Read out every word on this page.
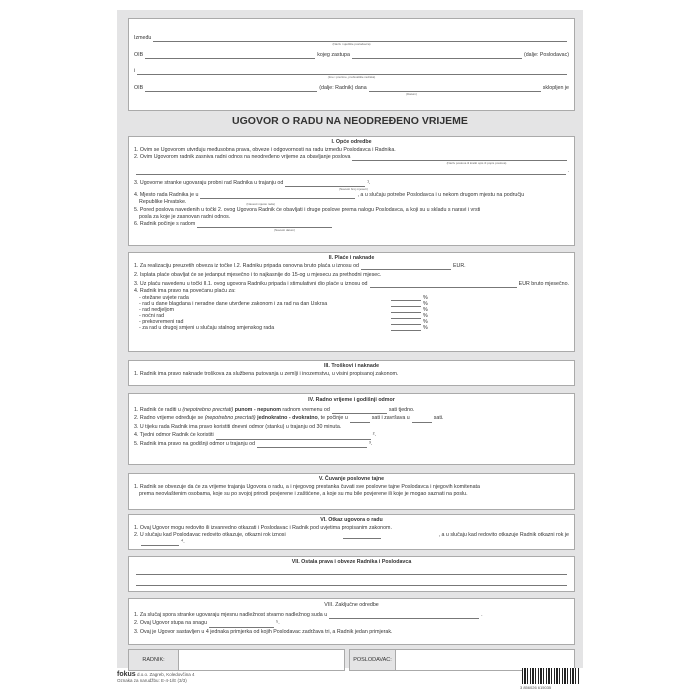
Između
(Naziv i sjedište poslodavca)
OIB	kojeg zastupa	(dalje: Poslodavac)
i
(Ime i prezime, prebivalište radnika)
OIB	(dalje: Radnik) dana	sklopljen je
(Datum)
UGOVOR O RADU NA NEODREĐENO VRIJEME
I. Opće odredbe
1. Ovim se Ugovorom utvrđuju međusobna prava, obveze i odgovornosti na radu između Poslodavca i Radnika.
2. Ovim Ugovorom radnik zasniva radni odnos na neodređeno vrijeme za obavljanje poslova
(Naziv poslova ili kratki opis ili popis poslova)
.
3. Ugovorne stranke ugovaraju probni rad Radnika u trajanju od	¹.
(Navesti broj mjeseci)
4. Mjesto rada Radnika je u	, a u slučaju potrebe Poslodavca i u nekom drugom mjestu na području
Republike Hrvatske.	(Navesti mjesto rada)
5. Pored poslova navedenih u točki 2. ovog Ugovora Radnik će obavljati i druge poslove prema nalogu Poslodavca, a koji su u skladu s naravi i vrsti
posla za koje je zasnovan radni odnos.
6. Radnik počinje s radom
(Navesti datum)
II. Plaće i naknade
1. Za realizaciju preuzetih obveza iz točke I.2. Radniku pripada osnovna bruto plaća u iznosu od	EUR.
2. Isplata plaće obavljat će se jedanput mjesečno i to najkasnije do 15-og u mjesecu za prethodni mjesec.
3. Uz plaću navedenu u točki II.1. ovog ugovora Radniku pripada i stimulativni dio plaće u iznosu od	EUR bruto mjesečno.
4. Radnik ima pravo na povećanu plaću za:
- otežane uvjete rada	%
- rad u dane blagdana i neradne dane utvrđene zakonom i za rad na dan Uskrsa	%
- rad nedjeljom	%
- noćni rad	%
- prekovremeni rad	%
- za rad u drugoj smjeni u slučaju stalnog smjenskog rada	%
III. Troškovi i naknade
1. Radnik ima pravo naknade troškova za službena putovanja u zemlji i inozemstvu, u visini propisanoj zakonom.
IV. Radno vrijeme i godišnji odmor
1. Radnik će raditi u
(nepotrebno precrtati)
punom - nepunom
radnom vremenu od	sati tjedno.
2. Radno vrijeme određuje se
(nepotrebno precrtati)
jednokratno - dvokratno , te počinje u	sati i završava u	sati.
3. U tijeku rada Radnik ima pravo koristiti dnevni odmor (stanku) u trajanju od 30 minuta.
4. Tjedni odmor Radnik će koristiti	².
5. Radnik ima pravo na godišnji odmor u trajanju od	³.
V. Čuvanje poslovne tajne
1. Radnik se obvezuje da će za vrijeme trajanja Ugovora o radu, a i njegovog prestanka čuvati sve poslovne tajne Poslodavca i njegovih komitenata
prema neovlaštenim osobama, koje su po svojoj prirodi povjerene i zaštićene, a koje su mu bile povjerene ili koje je mogao saznati na poslu.
VI. Otkaz ugovora o radu
1. Ovaj Ugovor mogu redovito ili izvanredno otkazati i Poslodavac i Radnik pod uvjetima propisanim zakonom.
2. U slučaju kad Poslodavac redovito otkazuje, otkazni rok iznosi	, a u slučaju kad redovito otkazuje Radnik otkazni rok je
⁴.
VII. Ostala prava i obveze Radnika i Poslodavca
VIII. Zaključne odredbe
1. Za slučaj spora stranke ugovaraju mjesnu nadležnost stvarno nadležnog suda u	.
2. Ovaj Ugovor stupa na snagu	⁵.
3. Ovaj je Ugovor sastavljen u 4 jednaka primjerka od kojih Poslodavac zadržava tri, a Radnik jedan primjerak.
RADNIK:	POSLODAVAC:
fokus d.o.o. Zagreb, Koledovčina 4
Oznaka za narudžbu: E-4-1/E (3/3)
3 856026 615035
